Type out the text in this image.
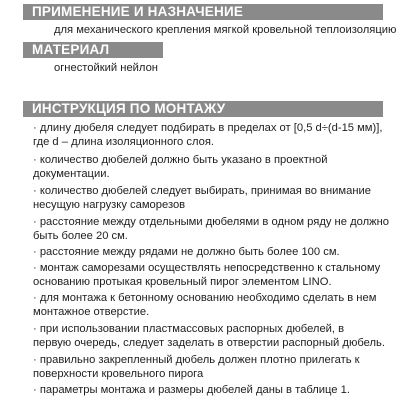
ПРИМЕНЕНИЕ И НАЗНАЧЕНИЕ
для механического крепления мягкой кровельной теплоизоляцию
МАТЕРИАЛ
огнестойкий нейлон
ИНСТРУКЦИЯ ПО МОНТАЖУ
· длину дюбеля следует подбирать в пределах от [0,5 d÷(d-15 мм)],
где d – длина изоляционного слоя.
· количество дюбелей должно быть указано в проектной
документации.
· количество дюбелей следует выбирать, принимая во внимание
несущую нагрузку саморезов
· расстояние между отдельными дюбелями в одном ряду не должно
быть более 20 см.
· расстояние между рядами не должно быть более 100 см.
· монтаж саморезами осуществлять непосредственно к стальному
основанию протыкая кровельный пирог элементом LINO.
· для монтажа к бетонному основанию необходимо сделать в нем
монтажное отверстие.
· при использовании пластмассовых распорных дюбелей, в
первую очередь, следует заделать в отверстии распорный дюбель.
· правильно закрепленный дюбель должен плотно прилегать к
поверхности кровельного пирога
· параметры монтажа и размеры дюбелей даны в таблице 1.
